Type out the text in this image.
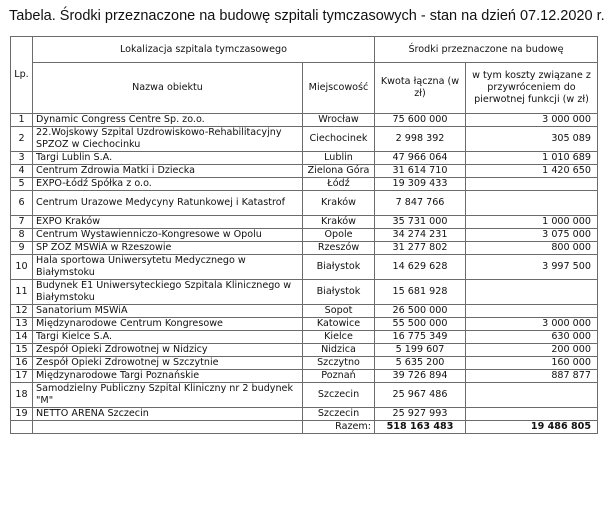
Tabela. Środki przeznaczone na budowę szpitali tymczasowych - stan na dzień 07.12.2020 r.
Lp.	Lokalizacja szpitala tymczasowego		Środki przeznaczone na budowę	
	Nazwa obiektu	Miejscowość	Kwota łączna (w zł)	w tym koszty związane z przywróceniem do pierwotnej funkcji (w zł)
1	Dynamic Congress Centre Sp. zo.o.	Wrocław	75 600 000	3 000 000
2	22.Wojskowy Szpital Uzdrowiskowo-Rehabilitacyjny SPZOZ w Ciechocinku	Ciechocinek	2 998 392	305 089
3	Targi Lublin S.A.	Lublin	47 966 064	1 010 689
4	Centrum Zdrowia Matki i Dziecka	Zielona Góra	31 614 710	1 420 650
5	EXPO-Łódź Spółka z o.o.	Łódź	19 309 433	
6	Centrum Urazowe Medycyny Ratunkowej i Katastrof	Kraków	7 847 766	
7	EXPO Kraków	Kraków	35 731 000	1 000 000
8	Centrum Wystawienniczo-Kongresowe w Opolu	Opole	34 274 231	3 075 000
9	SP ZOZ MSWiA w Rzeszowie	Rzeszów	31 277 802	800 000
10	Hala sportowa Uniwersytetu Medycznego w Białymstoku	Białystok	14 629 628	3 997 500
11	Budynek E1 Uniwersyteckiego Szpitala Klinicznego w Białymstoku	Białystok	15 681 928	
12	Sanatorium MSWiA	Sopot	26 500 000	
13	Międzynarodowe Centrum Kongresowe	Katowice	55 500 000	3 000 000
14	Targi Kielce S.A.	Kielce	16 775 349	630 000
15	Zespół Opieki Zdrowotnej w Nidzicy	Nidzica	5 199 607	200 000
16	Zespół Opieki Zdrowotnej w Szczytnie	Szczytno	5 635 200	160 000
17	Międzynarodowe Targi Poznańskie	Poznań	39 726 894	887 877
18	Samodzielny Publiczny Szpital Kliniczny nr 2 budynek "M"	Szczecin	25 967 486	
19	NETTO ARENA Szczecin	Szczecin	25 927 993	
		Razem:	518 163 483	19 486 805
